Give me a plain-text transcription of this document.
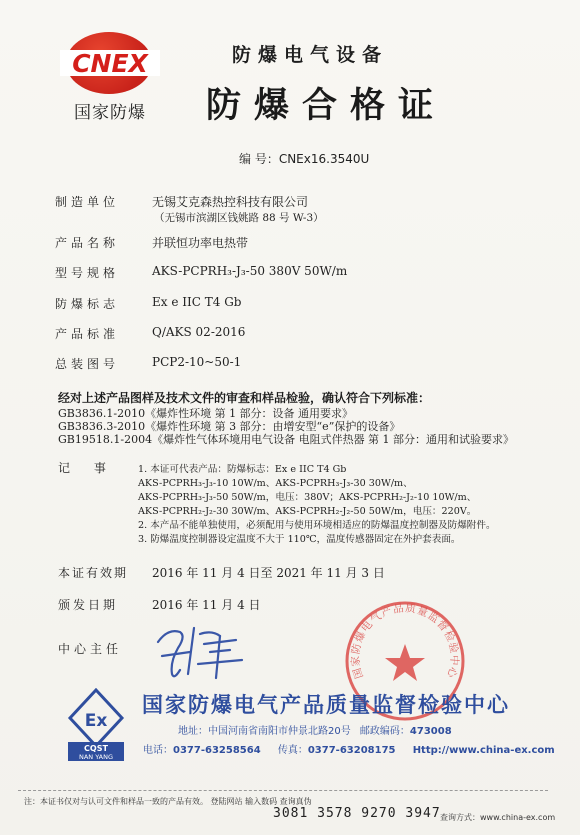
CNEX
国家防爆
防爆电气设备
防爆合格证
编 号：CNEx16.3540U
制造单位	无锡艾克森热控科技有限公司
（无锡市滨湖区钱姚路 88 号 W-3）
产品名称	并联恒功率电热带
型号规格	AKS-PCPRH₃-J₃-50 380V 50W/m
防爆标志	Ex e IIC T4 Gb
产品标准	Q/AKS 02-2016
总装图号	PCP2-10~50-1
经对上述产品图样及技术文件的审查和样品检验，确认符合下列标准：
GB3836.1-2010《爆炸性环境 第 1 部分：设备 通用要求》
GB3836.3-2010《爆炸性环境 第 3 部分：由增安型“e”保护的设备》
GB19518.1-2004《爆炸性气体环境用电气设备 电阻式伴热器 第 1 部分：通用和试验要求》
记 事 1. 本证可代表产品：防爆标志：Ex e IIC T4 Gb
AKS-PCPRH₃-J₃-10 10W/m、AKS-PCPRH₃-J₃-30 30W/m、
AKS-PCPRH₃-J₃-50 50W/m，电压：380V；AKS-PCPRH₂-J₂-10 10W/m、
AKS-PCPRH₂-J₂-30 30W/m、AKS-PCPRH₂-J₂-50 50W/m，电压：220V。
2. 本产品不能单独使用，必须配用与使用环境相适应的防爆温度控制器及防爆附件。
3. 防爆温度控制器设定温度不大于 110℃，温度传感器固定在外护套表面。
本证有效期 2016 年 11 月 4 日至 2021 年 11 月 3 日
颁发日期	2016 年 11 月 4 日
中心主任
国家防爆电气产品质量监督检验中心
Ex
CQST
NAN YANG
国家防爆电气产品质量监督检验中心
地址：中国河南省南阳市仲景北路20号 邮政编码：473008
电话：0377-63258564 传真：0377-63208175 Http://www.china-ex.com
注：本证书仅对与认可文件和样品一致的产品有效。 登陆网站 输入数码 查询真伪
3081 3578 9270 3947 查询方式：www.china-ex.com
